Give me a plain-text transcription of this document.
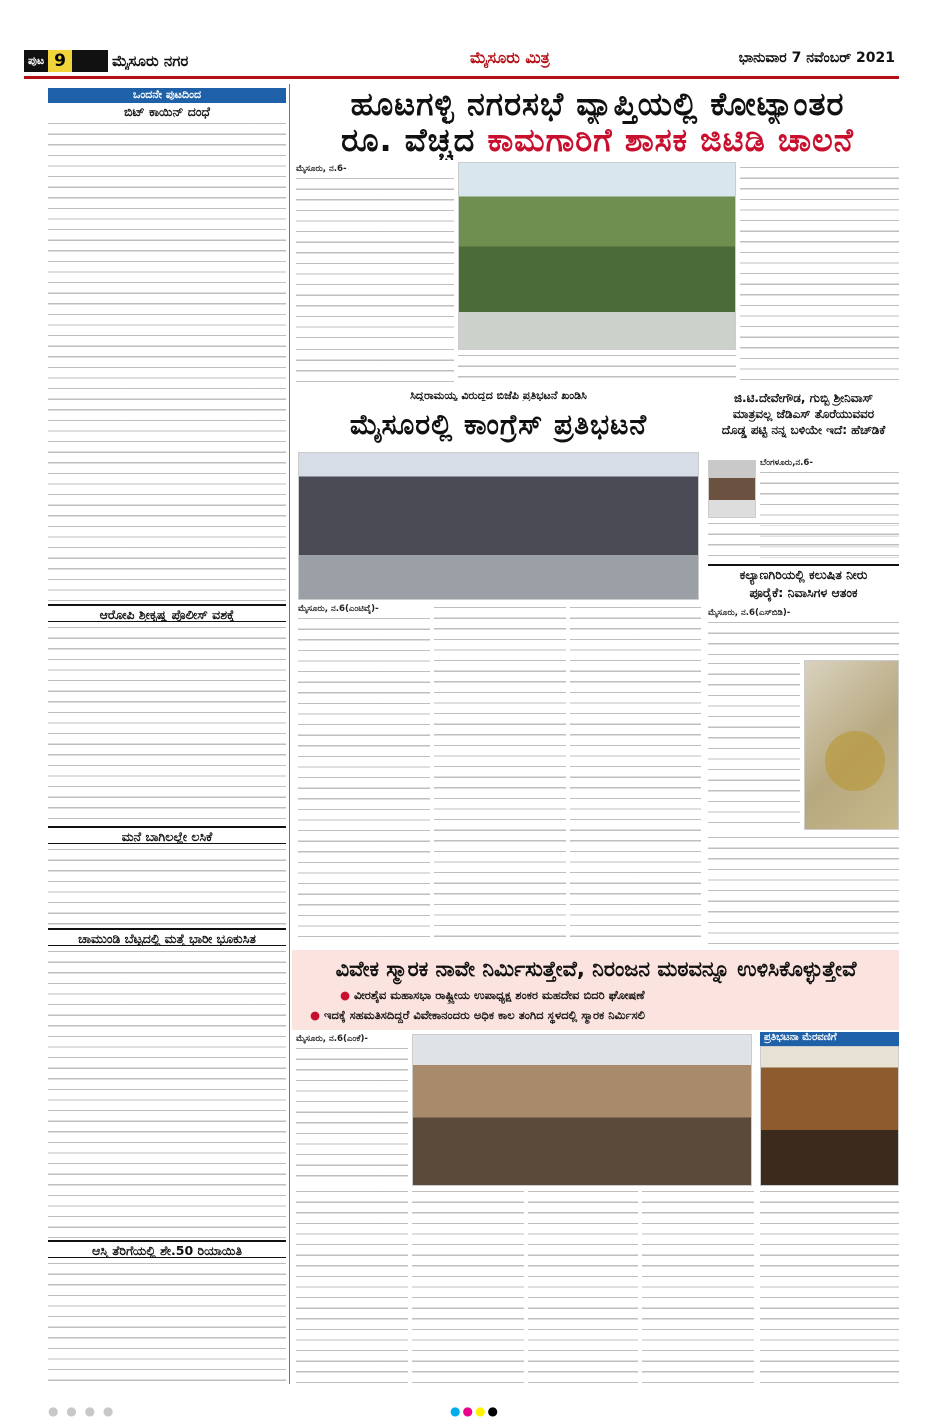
ಪುಟ 9	ಮೈಸೂರು ನಗರ	ಮೈಸೂರು ಮಿತ್ರ	ಭಾನುವಾರ 7 ನವೆಂಬರ್ 2021
ಒಂದನೇ ಪುಟದಿಂದ
ಬಿಟ್ ಕಾಯಿನ್ ದಂಧೆ
ಆರೋಪಿ ಶ್ರೀಕೃಷ್ಣ ಪೊಲೀಸ್ ವಶಕ್ಕೆ
ಮನೆ ಬಾಗಿಲಲ್ಲೇ ಲಸಿಕೆ
ಚಾಮುಂಡಿ ಬೆಟ್ಟದಲ್ಲಿ ಮತ್ತೆ ಭಾರೀ ಭೂಕುಸಿತ
ಆಸ್ತಿ ತೆರಿಗೆಯಲ್ಲಿ ಶೇ.50 ರಿಯಾಯಿತಿ
ಹೂಟಗಳ್ಳಿ ನಗರಸಭೆ ವ್ಯಾಪ್ತಿಯಲ್ಲಿ ಕೋಟ್ಯಾಂತರ
ರೂ. ವೆಚ್ಚದ ಕಾಮಗಾರಿಗೆ ಶಾಸಕ ಜಿಟಿಡಿ ಚಾಲನೆ
ಮೈಸೂರು, ನ.6-
ಸಿದ್ದರಾಮಯ್ಯ ವಿರುದ್ಧದ ಬಿಜೆಪಿ ಪ್ರತಿಭಟನೆ ಖಂಡಿಸಿ
ಮೈಸೂರಲ್ಲಿ ಕಾಂಗ್ರೆಸ್ ಪ್ರತಿಭಟನೆ
ಮೈಸೂರು, ನ.6(ಎಂಟಿವೈ)-
ಜಿ.ಟಿ.ದೇವೇಗೌಡ, ಗುಬ್ಬಿ ಶ್ರೀನಿವಾಸ್
ಮಾತ್ರವಲ್ಲ ಜೆಡಿಎಸ್ ತೊರೆಯುವವರ
ದೊಡ್ಡ ಪಟ್ಟಿ ನನ್ನ ಬಳಿಯೇ ಇದೆ: ಹೆಚ್‍ಡಿಕೆ
ಬೆಂಗಳೂರು,ನ.6-
ಕಲ್ಯಾಣಗಿರಿಯಲ್ಲಿ ಕಲುಷಿತ ನೀರು
ಪೂರೈಕೆ: ನಿವಾಸಿಗಳ ಆತಂಕ
ಮೈಸೂರು, ನ.6(ಎಸ್‍ಬಿಡಿ)-
ವಿವೇಕ ಸ್ಮಾರಕ ನಾವೇ ನಿರ್ಮಿಸುತ್ತೇವೆ, ನಿರಂಜನ ಮಠವನ್ನೂ ಉಳಿಸಿಕೊಳ್ಳುತ್ತೇವೆ
● ವೀರಶೈವ ಮಹಾಸಭಾ ರಾಷ್ಟ್ರೀಯ ಉಪಾಧ್ಯಕ್ಷ ಶಂಕರ ಮಹದೇವ ಬಿದರಿ ಘೋಷಣೆ
● ಇದಕ್ಕೆ ಸಹಮತಿಸದಿದ್ದರೆ ವಿವೇಕಾನಂದರು ಅಧಿಕ ಕಾಲ ತಂಗಿದ ಸ್ಥಳದಲ್ಲಿ ಸ್ಮಾರಕ ನಿರ್ಮಿಸಲಿ
ಮೈಸೂರು, ನ.6(ಎಂಕೆ)-	ಪ್ರತಿಭಟನಾ ಮೆರವಣಿಗೆ
● ● ● ●	●●●●
